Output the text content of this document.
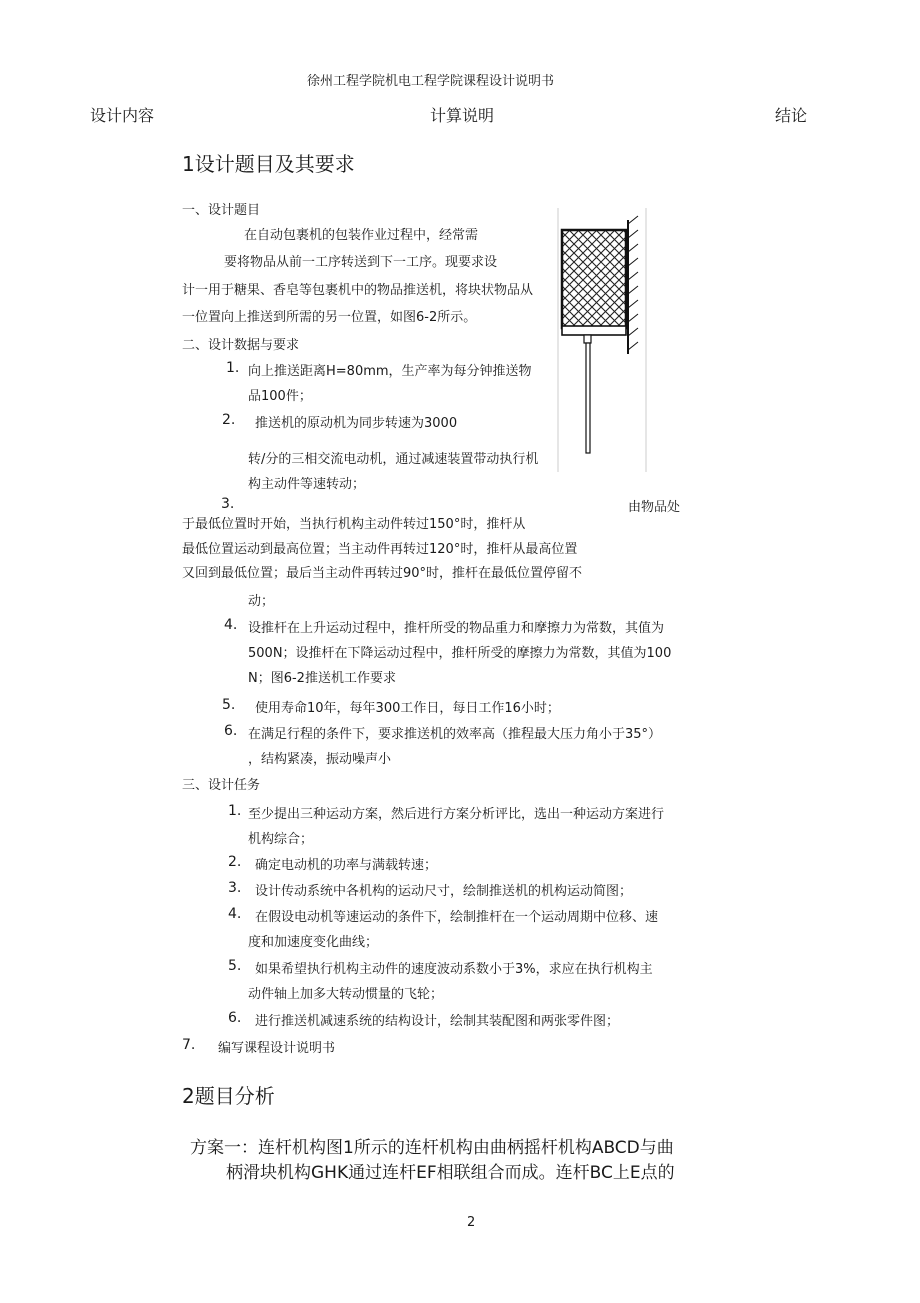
徐州工程学院机电工程学院课程设计说明书
设计内容	计算说明	结论
1设计题目及其要求
一、设计题目
在自动包裹机的包装作业过程中，经常需
要将物品从前一工序转送到下一工序。现要求设
计一用于糖果、香皂等包裹机中的物品推送机，将块状物品从
一位置向上推送到所需的另一位置，如图6-2所示。
二、设计数据与要求
1. 向上推送距离H=80mm，生产率为每分钟推送物
品100件；
2. 推送机的原动机为同步转速为3000
转/分的三相交流电动机，通过减速装置带动执行机
构主动件等速转动；
3.	由物品处
于最低位置时开始，当执行机构主动件转过150°时，推杆从
最低位置运动到最高位置；当主动件再转过120°时，推杆从最高位置
又回到最低位置；最后当主动件再转过90°时，推杆在最低位置停留不
动；
4. 设推杆在上升运动过程中，推杆所受的物品重力和摩擦力为常数，其值为
500N；设推杆在下降运动过程中，推杆所受的摩擦力为常数，其值为100
N；图6-2推送机工作要求
5. 使用寿命10年，每年300工作日，每日工作16小时；
6. 在满足行程的条件下，要求推送机的效率高（推程最大压力角小于35°）
，结构紧凑，振动噪声小
三、设计任务
1. 至少提出三种运动方案，然后进行方案分析评比，选出一种运动方案进行
机构综合；
2. 确定电动机的功率与满载转速；
3. 设计传动系统中各机构的运动尺寸，绘制推送机的机构运动简图；
4. 在假设电动机等速运动的条件下，绘制推杆在一个运动周期中位移、速
度和加速度变化曲线；
5. 如果希望执行机构主动件的速度波动系数小于3%，求应在执行机构主
动件轴上加多大转动惯量的飞轮；
6. 进行推送机减速系统的结构设计，绘制其装配图和两张零件图；
7. 编写课程设计说明书
2题目分析
方案一：连杆机构图1所示的连杆机构由曲柄摇杆机构ABCD与曲
柄滑块机构GHK通过连杆EF相联组合而成。连杆BC上E点的
2
